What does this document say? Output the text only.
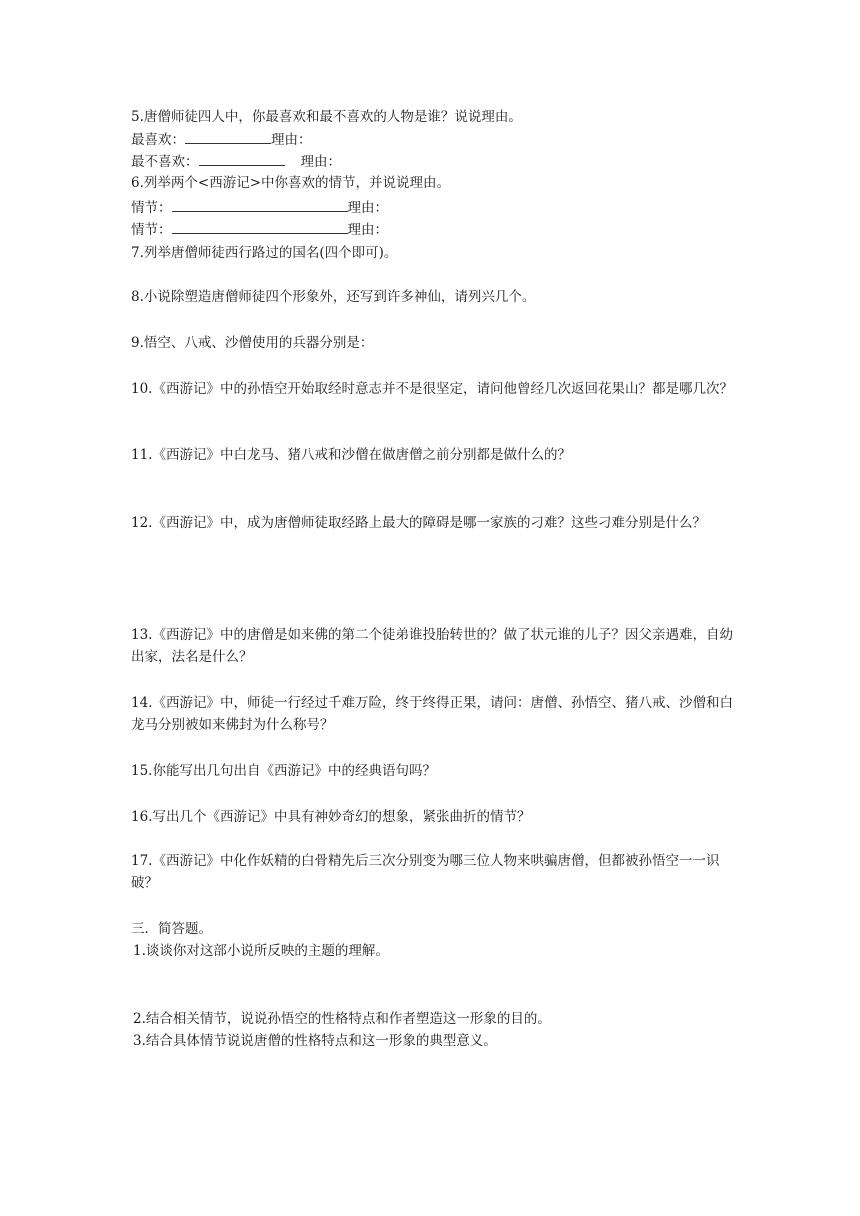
5.唐僧师徒四人中，你最喜欢和最不喜欢的人物是谁？说说理由。
最喜欢：	理由：
最不喜欢：	理由：
6.列举两个<西游记>中你喜欢的情节，并说说理由。
情节：	理由：
情节：	理由：
7.列举唐僧师徒西行路过的国名(四个即可)。
8.小说除塑造唐僧师徒四个形象外，还写到许多神仙，请列兴几个。
9.悟空、八戒、沙僧使用的兵器分别是：
10.《西游记》中的孙悟空开始取经时意志并不是很坚定，请问他曾经几次返回花果山？都是哪几次？
11.《西游记》中白龙马、猪八戒和沙僧在做唐僧之前分别都是做什么的？
12.《西游记》中，成为唐僧师徒取经路上最大的障碍是哪一家族的刁难？这些刁难分别是什么？
13.《西游记》中的唐僧是如来佛的第二个徒弟谁投胎转世的？做了状元谁的儿子？因父亲遇难，自幼出家，法名是什么？
14.《西游记》中，师徒一行经过千难万险，终于终得正果，请问：唐僧、孙悟空、猪八戒、沙僧和白龙马分别被如来佛封为什么称号？
15.你能写出几句出自《西游记》中的经典语句吗？
16.写出几个《西游记》中具有神妙奇幻的想象，紧张曲折的情节？
17.《西游记》中化作妖精的白骨精先后三次分别变为哪三位人物来哄骗唐僧，但都被孙悟空一一识破？
三．简答题。
1.谈谈你对这部小说所反映的主题的理解。
2.结合相关情节，说说孙悟空的性格特点和作者塑造这一形象的目的。
3.结合具体情节说说唐僧的性格特点和这一形象的典型意义。
